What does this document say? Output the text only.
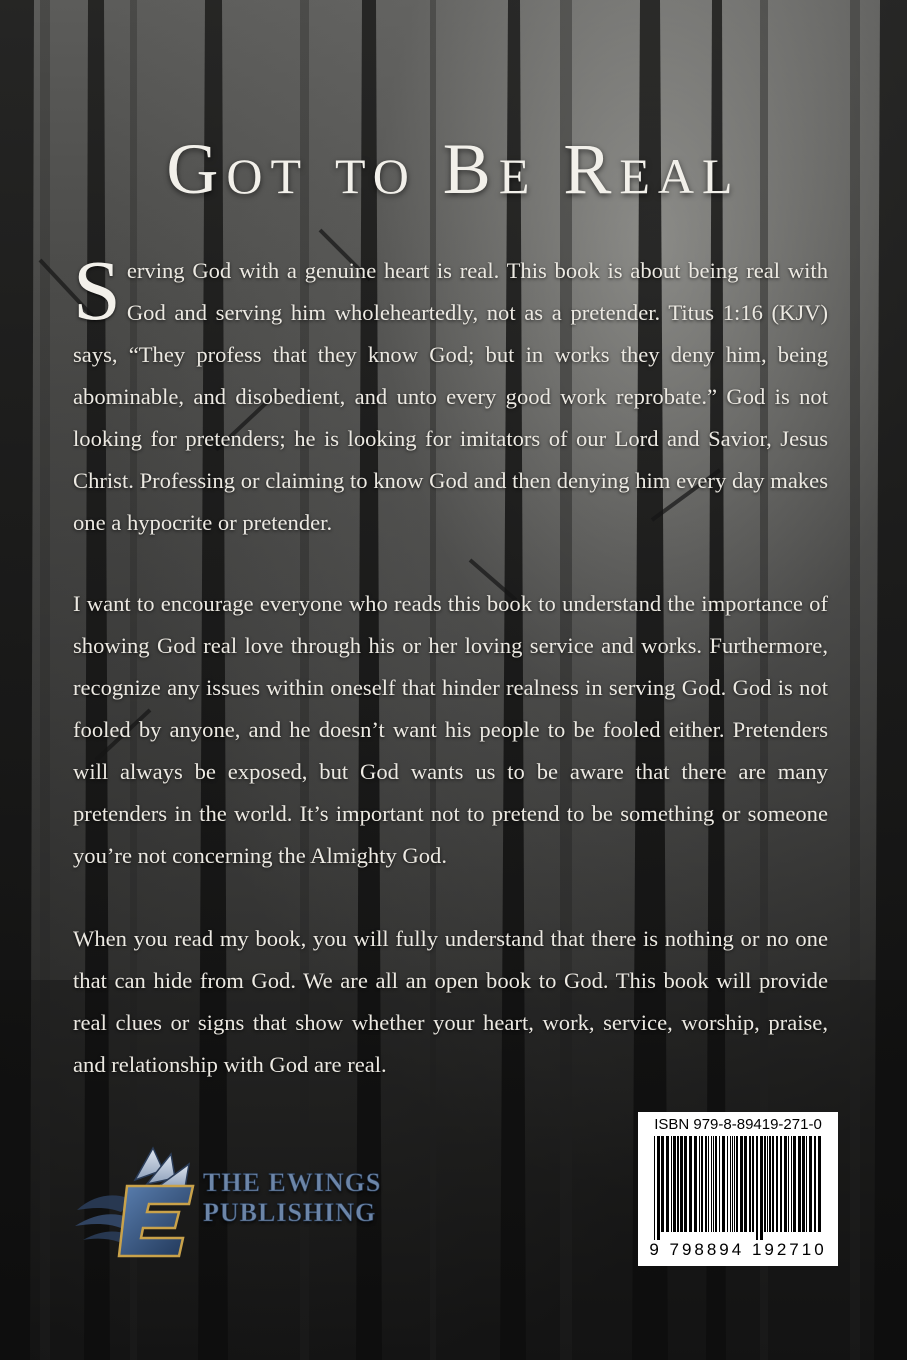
Got to Be Real

Serving God with a genuine heart is real. This book is about being real with God and serving him wholeheartedly, not as a pretender. Titus 1:16 (KJV) says, “They profess that they know God; but in works they deny him, being abominable, and disobedient, and unto every good work reprobate.” God is not looking for pretenders; he is looking for imitators of our Lord and Savior, Jesus Christ. Professing or claiming to know God and then denying him every day makes one a hypocrite or pretender.

I want to encourage everyone who reads this book to understand the importance of showing God real love through his or her loving service and works. Furthermore, recognize any issues within oneself that hinder realness in serving God. God is not fooled by anyone, and he doesn’t want his people to be fooled either. Pretenders will always be exposed, but God wants us to be aware that there are many pretenders in the world. It’s important not to pretend to be something or someone you’re not concerning the Almighty God.

When you read my book, you will fully understand that there is nothing or no one that can hide from God. We are all an open book to God. This book will provide real clues or signs that show whether your heart, work, service, worship, praise, and relationship with God are real.

THE EWINGS

PUBLISHING

ISBN 979-8-89419-271-0

9 798894 192710
